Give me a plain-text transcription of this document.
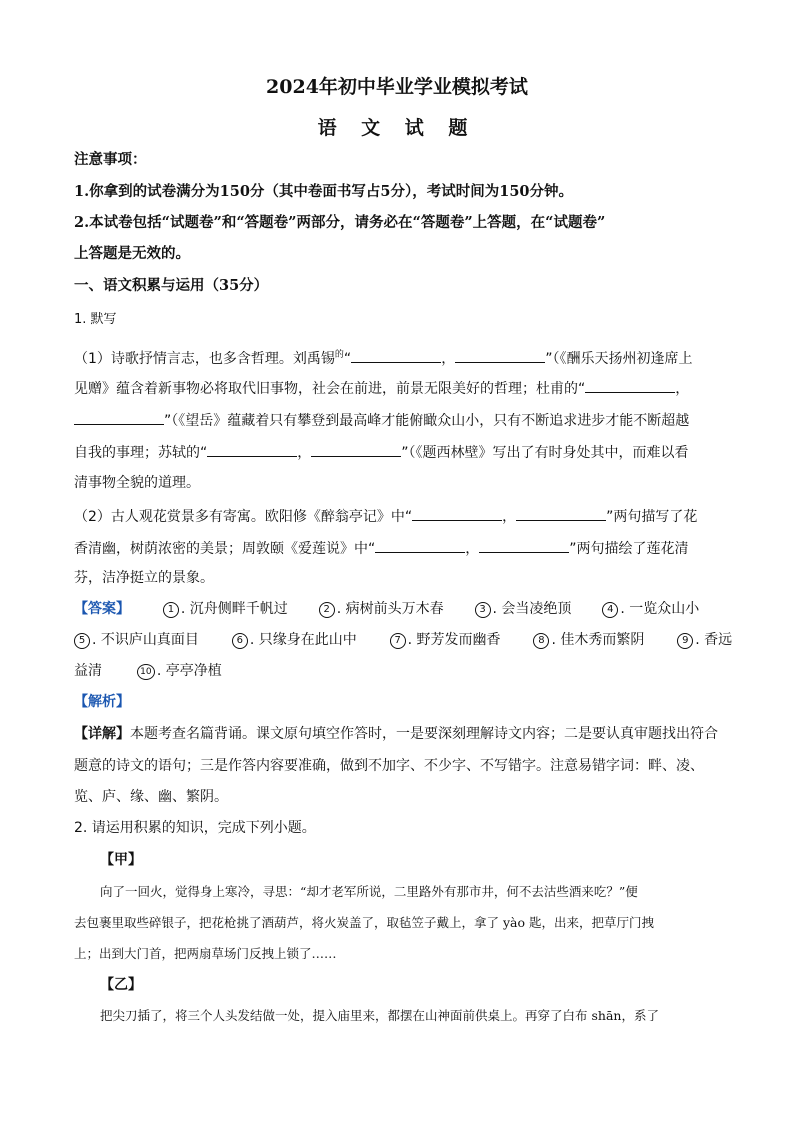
2024年初中毕业学业模拟考试
语 文 试 题
注意事项：
1.你拿到的试卷满分为150分（其中卷面书写占5分），考试时间为150分钟。
2.本试卷包括“试题卷”和“答题卷”两部分，请务必在“答题卷”上答题，在“试题卷”
上答题是无效的。
一、语文积累与运用（35分）
1. 默写
（1）诗歌抒情言志，也多含哲理。刘禹锡$^的$“	，	”（《酬乐天扬州初逢席上
见赠》蕴含着新事物必将取代旧事物，社会在前进，前景无限美好的哲理；杜甫的“	，
”（《望岳》蕴藏着只有攀登到最高峰才能俯瞰众山小，只有不断追求进步才能不断超越
自我的事理；苏轼的“	，	”（《题西林壁》写出了有时身处其中，而难以看
清事物全貌的道理。
（2）古人观花赏景多有寄寓。欧阳修《醉翁亭记》中“	，	”两句描写了花
香清幽，树荫浓密的美景；周敦颐《爱莲说》中“	，	”两句描绘了莲花清
芬，洁净挺立的景象。
【答案】	1 . 沉舟侧畔千帆过	2 . 病树前头万木春	3 . 会当凌绝顶	4 . 一览众山小
5 . 不识庐山真面目	6 . 只缘身在此山中	7 . 野芳发而幽香	8 . 佳木秀而繁阴	9 . 香远
益清	10 . 亭亭净植
【解析】
【详解】本题考查名篇背诵。课文原句填空作答时，一是要深刻理解诗文内容；二是要认真审题找出符合
题意的诗文的语句；三是作答内容要准确，做到不加字、不少字、不写错字。注意易错字词：畔、凌、
览、庐、缘、幽、繁阴。
2. 请运用积累的知识，完成下列小题。
【甲】
向了一回火，觉得身上寒冷，寻思：“却才老军所说，二里路外有那市井，何不去沽些酒来吃？”便
去包裹里取些碎银子，把花枪挑了酒葫芦，将火炭盖了，取毡笠子戴上，拿了 yào 匙，出来，把草厅门拽
上；出到大门首，把两扇草场门反拽上锁了……
【乙】
把尖刀插了，将三个人头发结做一处，提入庙里来，都摆在山神面前供桌上。再穿了白布 shān，系了
